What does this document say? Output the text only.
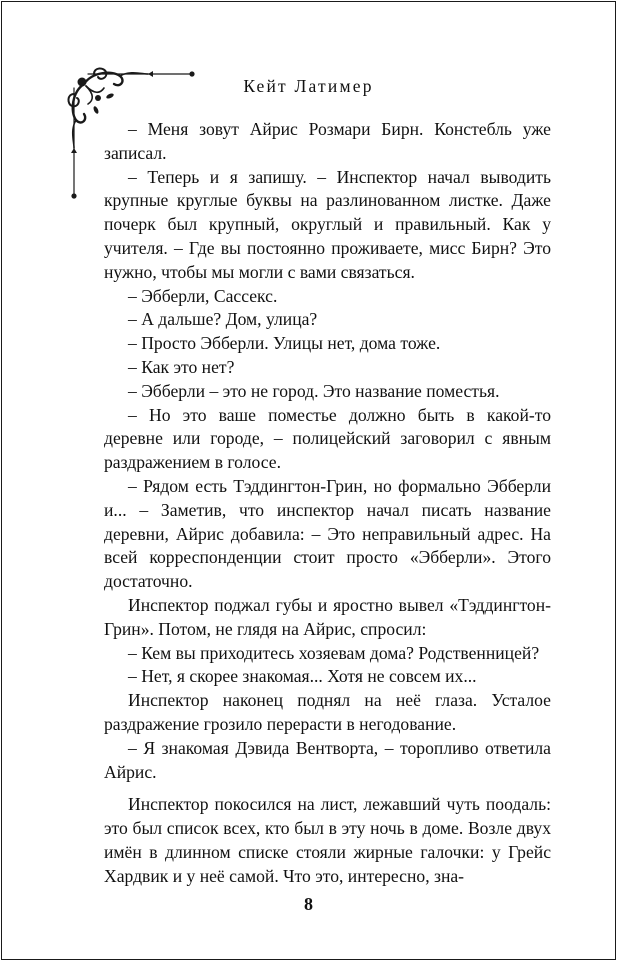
Кейт Латимер

– Меня зовут Айрис Розмари Бирн. Констебль уже записал.

– Теперь и я запишу. – Инспектор начал выводить крупные круглые буквы на разлинованном листке. Даже почерк был крупный, округлый и правильный. Как у учителя. – Где вы постоянно проживаете, мисс Бирн? Это нужно, чтобы мы могли с вами связаться.

– Эбберли, Сассекс.

– А дальше? Дом, улица?

– Просто Эбберли. Улицы нет, дома тоже.

– Как это нет?

– Эбберли – это не город. Это название поместья.

– Но это ваше поместье должно быть в какой-то деревне или городе, – полицейский заговорил с явным раздражением в голосе.

– Рядом есть Тэддингтон-Грин, но формально Эбберли и... – Заметив, что инспектор начал писать название деревни, Айрис добавила: – Это неправильный адрес. На всей корреспонденции стоит просто «Эбберли». Этого достаточно.

Инспектор поджал губы и яростно вывел «Тэддингтон-Грин». Потом, не глядя на Айрис, спросил:

– Кем вы приходитесь хозяевам дома? Родственницей?

– Нет, я скорее знакомая... Хотя не совсем их...

Инспектор наконец поднял на неё глаза. Усталое раздражение грозило перерасти в негодование.

– Я знакомая Дэвида Вентворта, – торопливо ответила Айрис.

Инспектор покосился на лист, лежавший чуть поодаль: это был список всех, кто был в эту ночь в доме. Возле двух имён в длинном списке стояли жирные галочки: у Грейс Хардвик и у неё самой. Что это, интересно, зна-

8
